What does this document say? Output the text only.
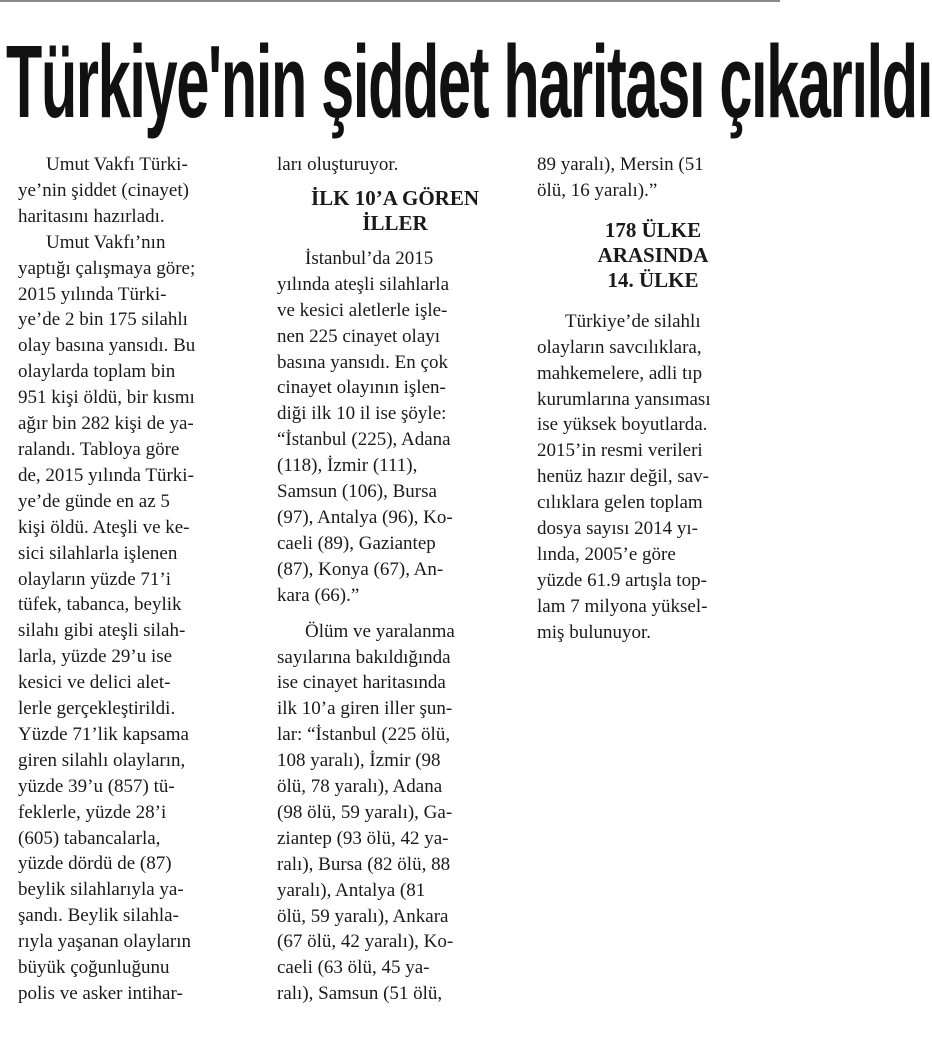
Türkiye'nin şiddet haritası çıkarıldı
Umut Vakfı Türki-
ye’nin şiddet (cinayet)
haritasını hazırladı.
Umut Vakfı’nın
yaptığı çalışmaya göre;
2015 yılında Türki-
ye’de 2 bin 175 silahlı
olay basına yansıdı. Bu
olaylarda toplam bin
951 kişi öldü, bir kısmı
ağır bin 282 kişi de ya-
ralandı. Tabloya göre
de, 2015 yılında Türki-
ye’de günde en az 5
kişi öldü. Ateşli ve ke-
sici silahlarla işlenen
olayların yüzde 71’i
tüfek, tabanca, beylik
silahı gibi ateşli silah-
larla, yüzde 29’u ise
kesici ve delici alet-
lerle gerçekleştirildi.
Yüzde 71’lik kapsama
giren silahlı olayların,
yüzde 39’u (857) tü-
feklerle, yüzde 28’i
(605) tabancalarla,
yüzde dördü de (87)
beylik silahlarıyla ya-
şandı. Beylik silahla-
rıyla yaşanan olayların
büyük çoğunluğunu
polis ve asker intihar-
ları oluşturuyor.
İLK 10’A GÖREN
İLLER
İstanbul’da 2015
yılında ateşli silahlarla
ve kesici aletlerle işle-
nen 225 cinayet olayı
basına yansıdı. En çok
cinayet olayının işlen-
diği ilk 10 il ise şöyle:
“İstanbul (225), Adana
(118), İzmir (111),
Samsun (106), Bursa
(97), Antalya (96), Ko-
caeli (89), Gaziantep
(87), Konya (67), An-
kara (66).”
Ölüm ve yaralanma
sayılarına bakıldığında
ise cinayet haritasında
ilk 10’a giren iller şun-
lar: “İstanbul (225 ölü,
108 yaralı), İzmir (98
ölü, 78 yaralı), Adana
(98 ölü, 59 yaralı), Ga-
ziantep (93 ölü, 42 ya-
ralı), Bursa (82 ölü, 88
yaralı), Antalya (81
ölü, 59 yaralı), Ankara
(67 ölü, 42 yaralı), Ko-
caeli (63 ölü, 45 ya-
ralı), Samsun (51 ölü,
89 yaralı), Mersin (51
ölü, 16 yaralı).”
178 ÜLKE
ARASINDA
14. ÜLKE
Türkiye’de silahlı
olayların savcılıklara,
mahkemelere, adli tıp
kurumlarına yansıması
ise yüksek boyutlarda.
2015’in resmi verileri
henüz hazır değil, sav-
cılıklara gelen toplam
dosya sayısı 2014 yı-
lında, 2005’e göre
yüzde 61.9 artışla top-
lam 7 milyona yüksel-
miş bulunuyor.
